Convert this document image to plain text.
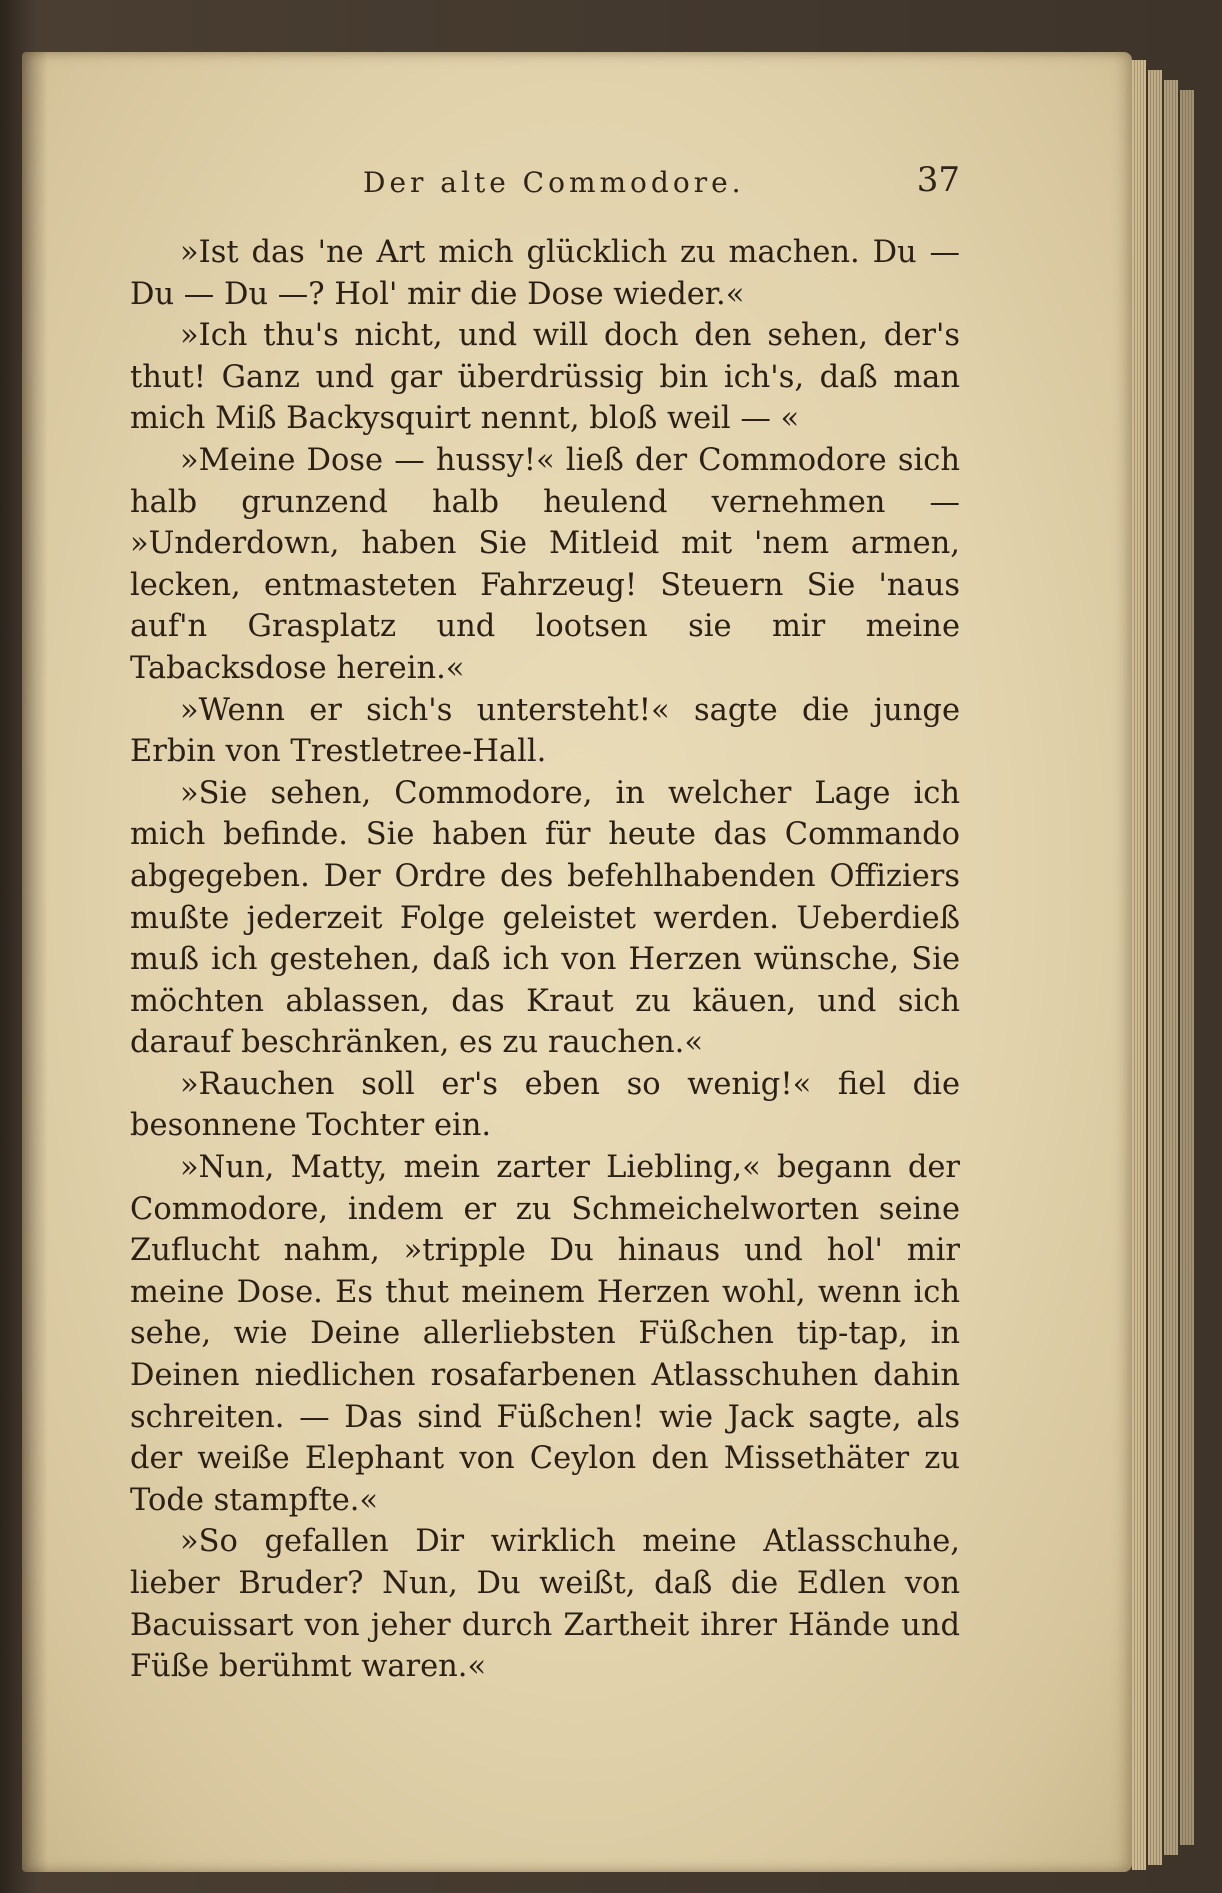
Der alte Commodore.	37

»Ist das 'ne Art mich glücklich zu machen. Du — Du — Du —? Hol' mir die Dose wieder.«

»Ich thu's nicht, und will doch den sehen, der's thut! Ganz und gar überdrüssig bin ich's, daß man mich Miß Backysquirt nennt, bloß weil — «

»Meine Dose — hussy!« ließ der Commodore sich halb grunzend halb heulend vernehmen — »Underdown, haben Sie Mitleid mit 'nem armen, lecken, entmasteten Fahrzeug! Steuern Sie 'naus auf'n Grasplatz und lootsen sie mir meine Tabacksdose herein.«

»Wenn er sich's untersteht!« sagte die junge Erbin von Trestletree-Hall.

»Sie sehen, Commodore, in welcher Lage ich mich befinde. Sie haben für heute das Commando abgegeben. Der Ordre des befehlhabenden Offiziers mußte jederzeit Folge geleistet werden. Ueberdieß muß ich gestehen, daß ich von Herzen wünsche, Sie möchten ablassen, das Kraut zu käuen, und sich darauf beschränken, es zu rauchen.«

»Rauchen soll er's eben so wenig!« fiel die besonnene Tochter ein.

»Nun, Matty, mein zarter Liebling,« begann der Commodore, indem er zu Schmeichelworten seine Zuflucht nahm, »tripple Du hinaus und hol' mir meine Dose. Es thut meinem Herzen wohl, wenn ich sehe, wie Deine allerliebsten Füßchen tip-tap, in Deinen niedlichen rosafarbenen Atlasschuhen dahin schreiten. — Das sind Füßchen! wie Jack sagte, als der weiße Elephant von Ceylon den Missethäter zu Tode stampfte.«

»So gefallen Dir wirklich meine Atlasschuhe, lieber Bruder? Nun, Du weißt, daß die Edlen von Bacuissart von jeher durch Zartheit ihrer Hände und Füße berühmt waren.«
